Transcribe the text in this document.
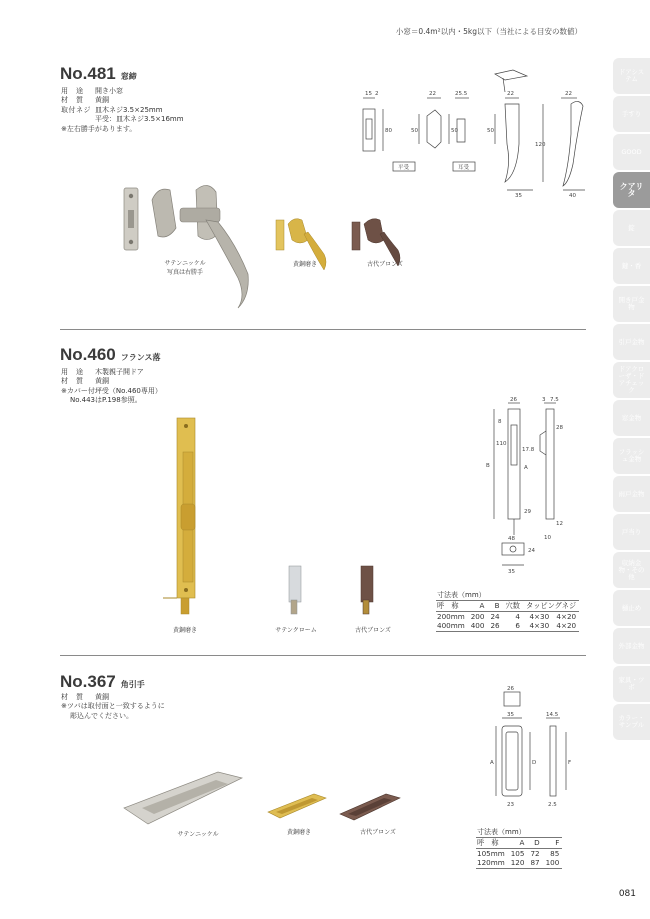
小窓＝0.4m²以内・5kg以下（当社による目安の数値）
No.481 窓締
用　途	開き小窓
材　質	黄銅
取付ネジ 皿木ネジ3.5×25mm
平受：皿木ネジ3.5×16mm
※左右勝手があります。
サテンニッケル
写真は右勝手
黄銅磨き	古代ブロンズ
15 2	22	25.5	22	22
80	50	50	50
120
35	40
平受	耳受
No.460 フランス落
用　途	木製親子開ドア
材　質	黄銅
※カバー付坪受（No.460専用）
No.443はP.198参照。
黄銅磨き	サテンクローム	古代ブロンズ
26	3 7.5
28
8
110
17.8
A
B
29
12
10
48
24
35
寸法表（mm）
呼　称	A	B	穴数	タッピングネジ
200mm	200	24	4	4×30　4×20
400mm	400	26	6	4×30　4×20
No.367 角引手
材　質	黄銅
※ツバは取付面と一致するように
彫込んでください。
サテンニッケル	黄銅磨き	古代ブロンズ
26
14.5
35
D
A	F
23	2.5
寸法表（mm）
呼　称	A	D	F
105mm	105	72	85
120mm	120	87	100
ドアシステム
手すり
GOOD
クアリタ
錠
鍵・香
開き戸金物
引戸金物
ドアクローザ・ドアチェック
窓金物
フラッシュ金物
雨戸金物
戸当り
収納金物・その他
樋止め
外部金物
家具・ツボ
カラー・サンプル
081
